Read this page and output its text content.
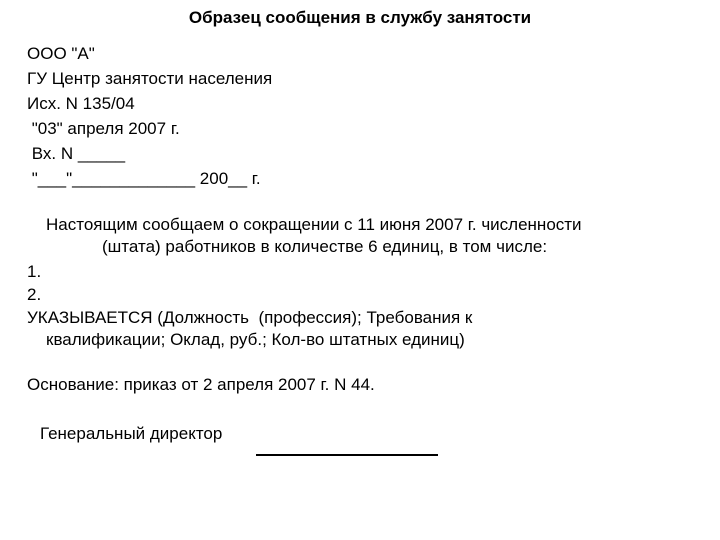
Образец сообщения в службу занятости
ООО "А"
ГУ Центр занятости населения
Исх. N 135/04
"03" апреля 2007 г.
Вх. N _____
"___"_____________ 200__ г.
Настоящим сообщаем о сокращении с 11 июня 2007 г. численности
(штата) работников в количестве 6 единиц, в том числе:
1.
2.
УКАЗЫВАЕТСЯ (Должность  (профессия); Требования к
квалификации; Оклад, руб.; Кол-во штатных единиц)
Основание: приказ от 2 апреля 2007 г. N 44.
Генеральный директор
